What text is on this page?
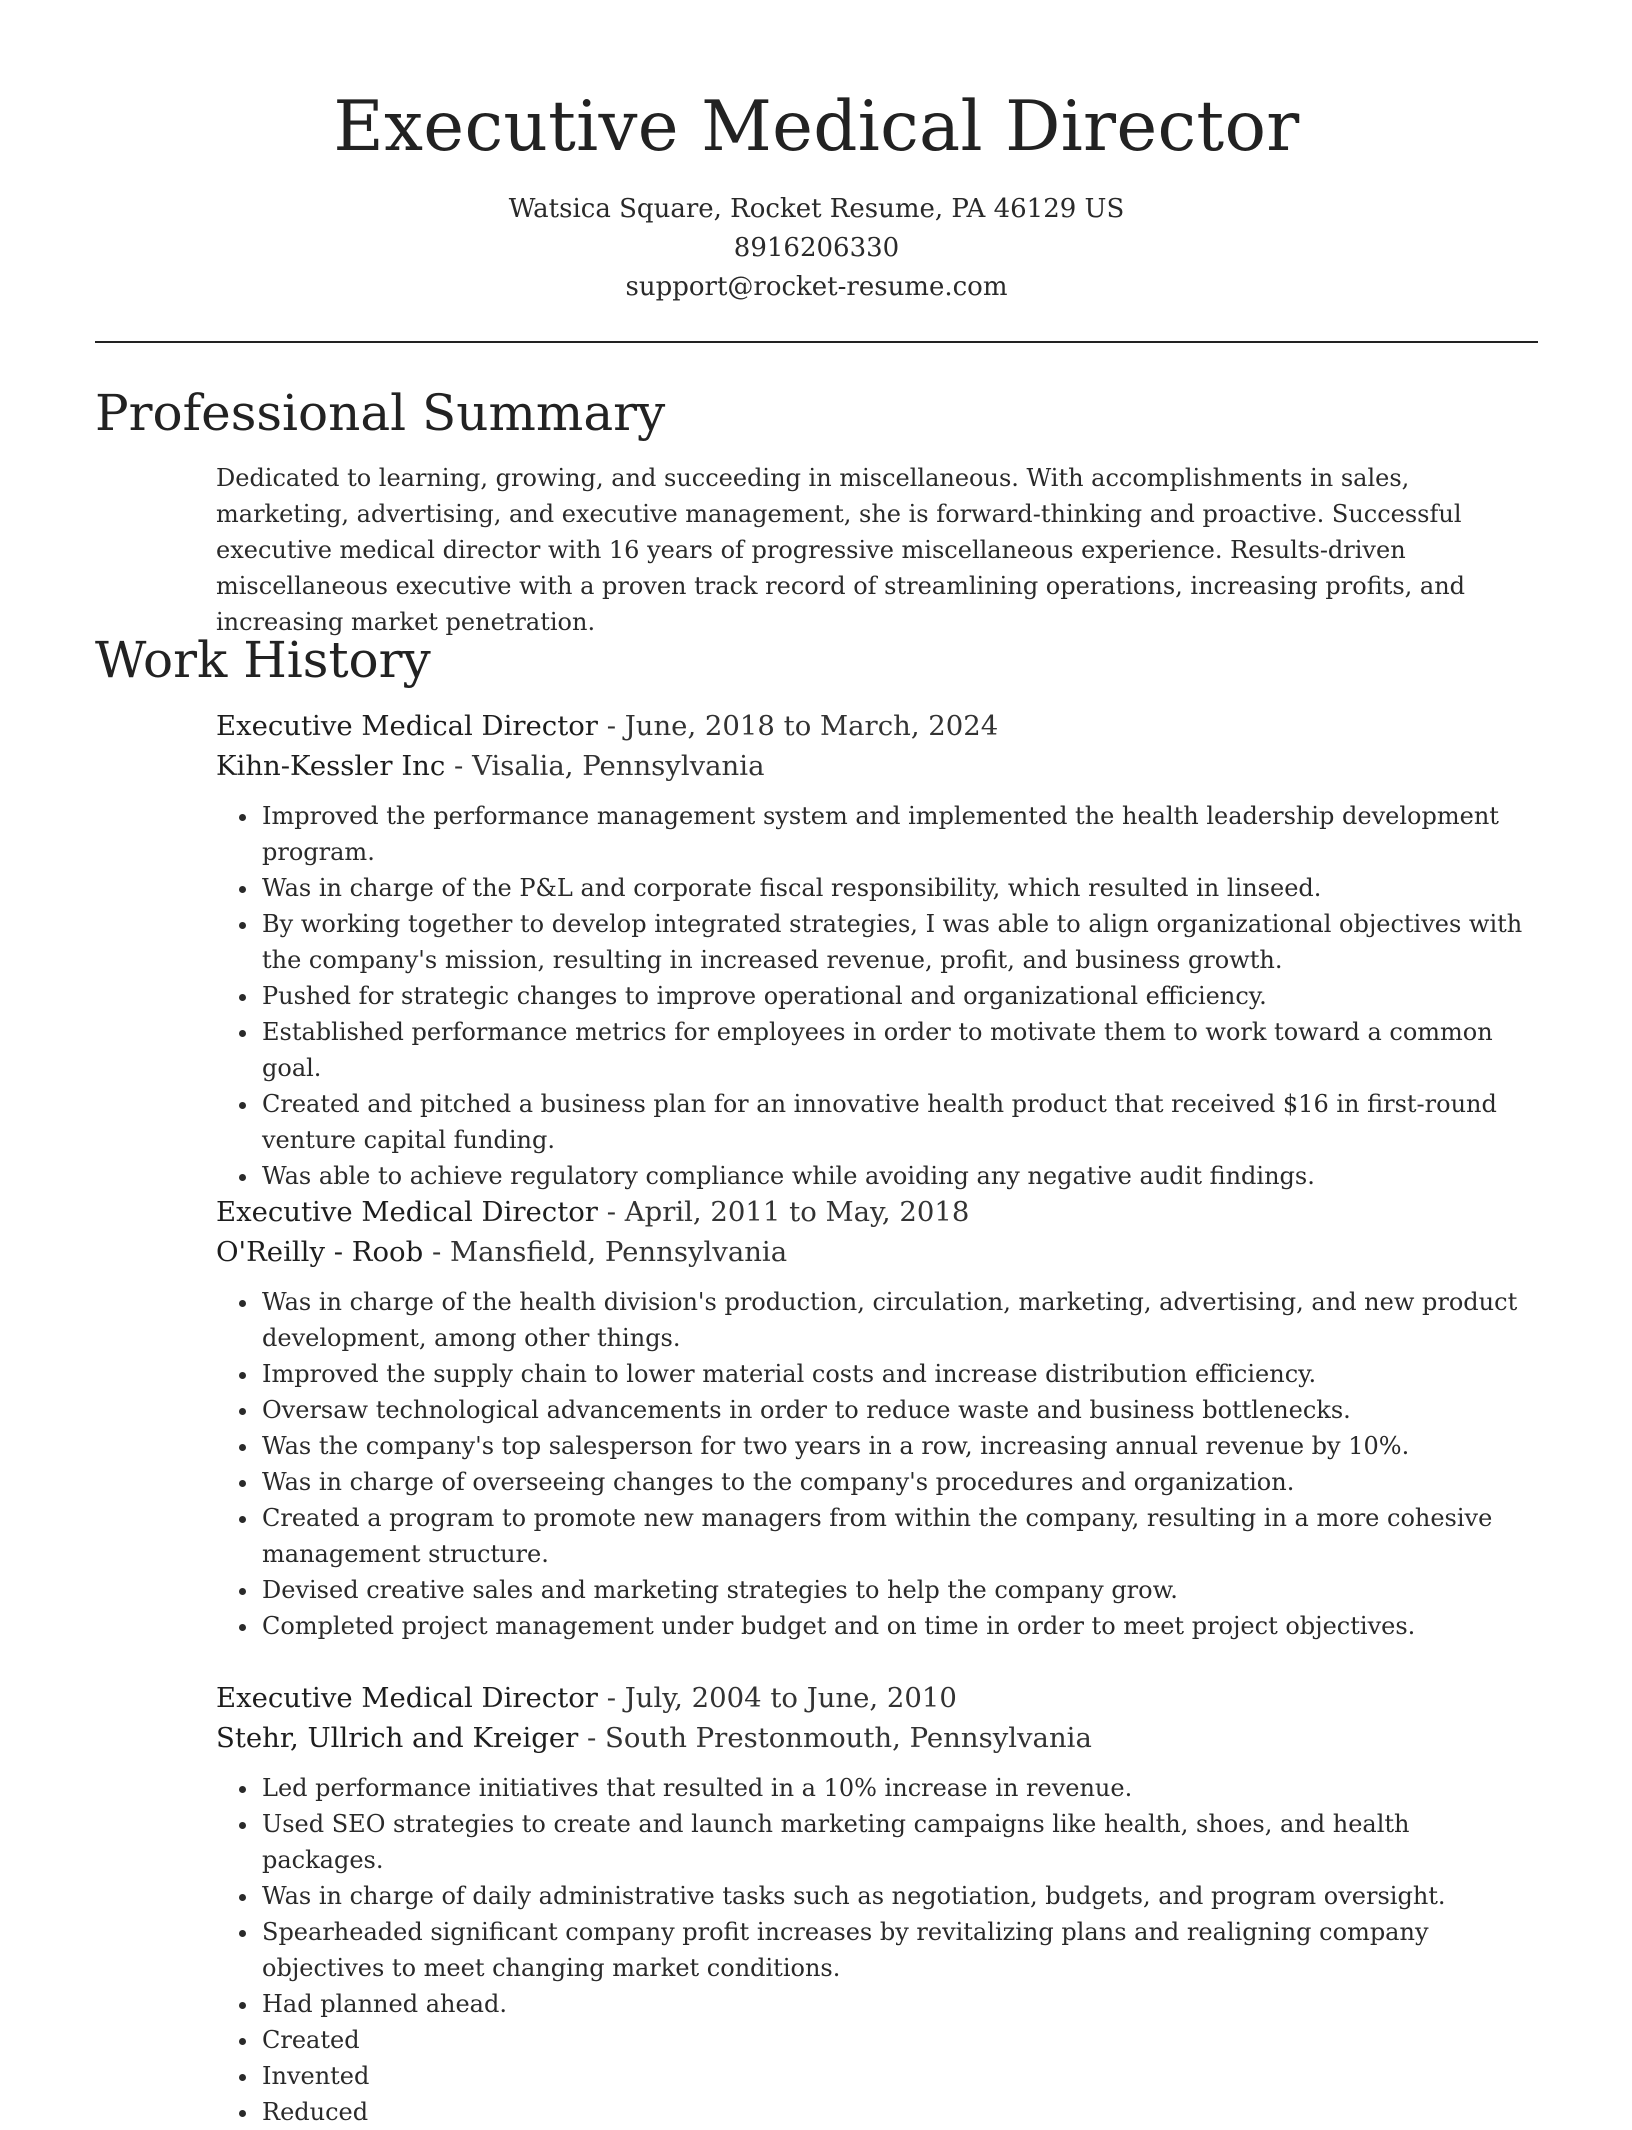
Executive Medical Director
Watsica Square, Rocket Resume, PA 46129 US
8916206330
support@rocket-resume.com
Professional Summary

Dedicated to learning, growing, and succeeding in miscellaneous. With accomplishments in sales, marketing, advertising, and executive management, she is forward-thinking and proactive. Successful executive medical director with 16 years of progressive miscellaneous experience. Results-driven miscellaneous executive with a proven track record of streamlining operations, increasing profits, and increasing market penetration.

Work History
Executive Medical Director - June, 2018 to March, 2024
Kihn-Kessler Inc - Visalia, Pennsylvania
• Improved the performance management system and implemented the health leadership development program.
• Was in charge of the P&L and corporate fiscal responsibility, which resulted in linseed.
• By working together to develop integrated strategies, I was able to align organizational objectives with the company's mission, resulting in increased revenue, profit, and business growth.
• Pushed for strategic changes to improve operational and organizational efficiency.
• Established performance metrics for employees in order to motivate them to work toward a common goal.
• Created and pitched a business plan for an innovative health product that received $16 in first-round venture capital funding.
• Was able to achieve regulatory compliance while avoiding any negative audit findings.
Executive Medical Director - April, 2011 to May, 2018
O'Reilly - Roob - Mansfield, Pennsylvania
• Was in charge of the health division's production, circulation, marketing, advertising, and new product development, among other things.
• Improved the supply chain to lower material costs and increase distribution efficiency.
• Oversaw technological advancements in order to reduce waste and business bottlenecks.
• Was the company's top salesperson for two years in a row, increasing annual revenue by 10%.
• Was in charge of overseeing changes to the company's procedures and organization.
• Created a program to promote new managers from within the company, resulting in a more cohesive management structure.
• Devised creative sales and marketing strategies to help the company grow.
• Completed project management under budget and on time in order to meet project objectives.
Executive Medical Director - July, 2004 to June, 2010
Stehr, Ullrich and Kreiger - South Prestonmouth, Pennsylvania
• Led performance initiatives that resulted in a 10% increase in revenue.
• Used SEO strategies to create and launch marketing campaigns like health, shoes, and health packages.
• Was in charge of daily administrative tasks such as negotiation, budgets, and program oversight.
• Spearheaded significant company profit increases by revitalizing plans and realigning company objectives to meet changing market conditions.
• Had planned ahead.
• Created
• Invented
• Reduced
